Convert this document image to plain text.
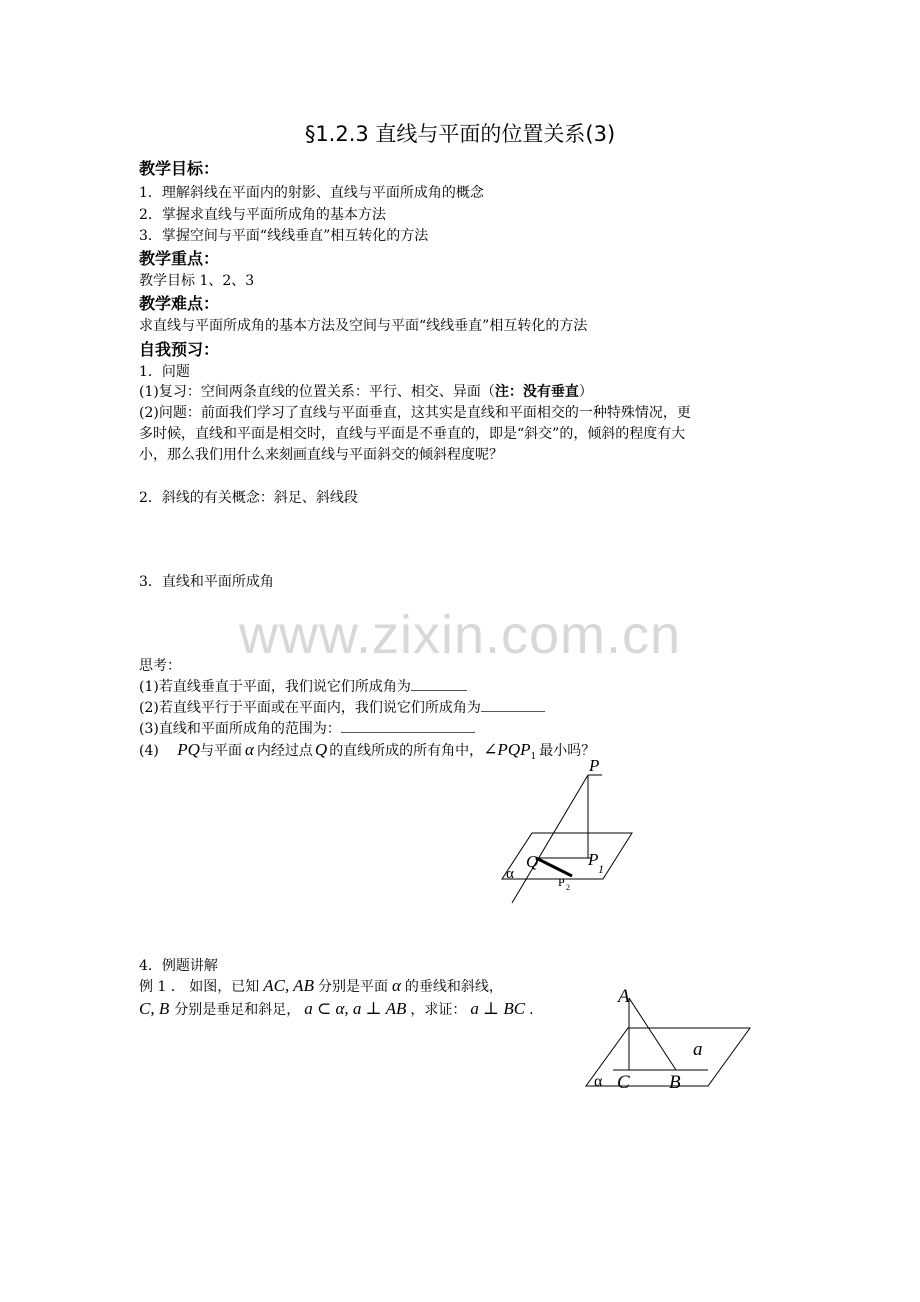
§1.2.3 直线与平面的位置关系(3)
教学目标：
1．理解斜线在平面内的射影、直线与平面所成角的概念
2．掌握求直线与平面所成角的基本方法
3．掌握空间与平面“线线垂直”相互转化的方法
教学重点：
教学目标 1、2、3
教学难点：
求直线与平面所成角的基本方法及空间与平面“线线垂直”相互转化的方法
自我预习：
1．问题
(1)复习：空间两条直线的位置关系：平行、相交、异面（注：没有垂直）
(2)问题：前面我们学习了直线与平面垂直，这其实是直线和平面相交的一种特殊情况，更
多时候，直线和平面是相交时，直线与平面是不垂直的，即是“斜交”的，倾斜的程度有大
小，那么我们用什么来刻画直线与平面斜交的倾斜程度呢？
2．斜线的有关概念：斜足、斜线段
3．直线和平面所成角
www.zixin.com.cn
思考：
(1)若直线垂直于平面，我们说它们所成角为
(2)若直线平行于平面或在平面内，我们说它们所成角为
(3)直线和平面所成角的范围为：
(4) PQ与平面 α 内经过点 Q 的直线所成的所有角中，$\angle PQP_1$ 最小吗？
P
Q	P 1
P 2
α
4．例题讲解
例 1 ． 如图，已知 AC, AB 分别是平面 α 的垂线和斜线，
C, B 分别是垂足和斜足， a ⊂ α, a ⊥ AB ，求证： a ⊥ BC .
A
a
α C B
